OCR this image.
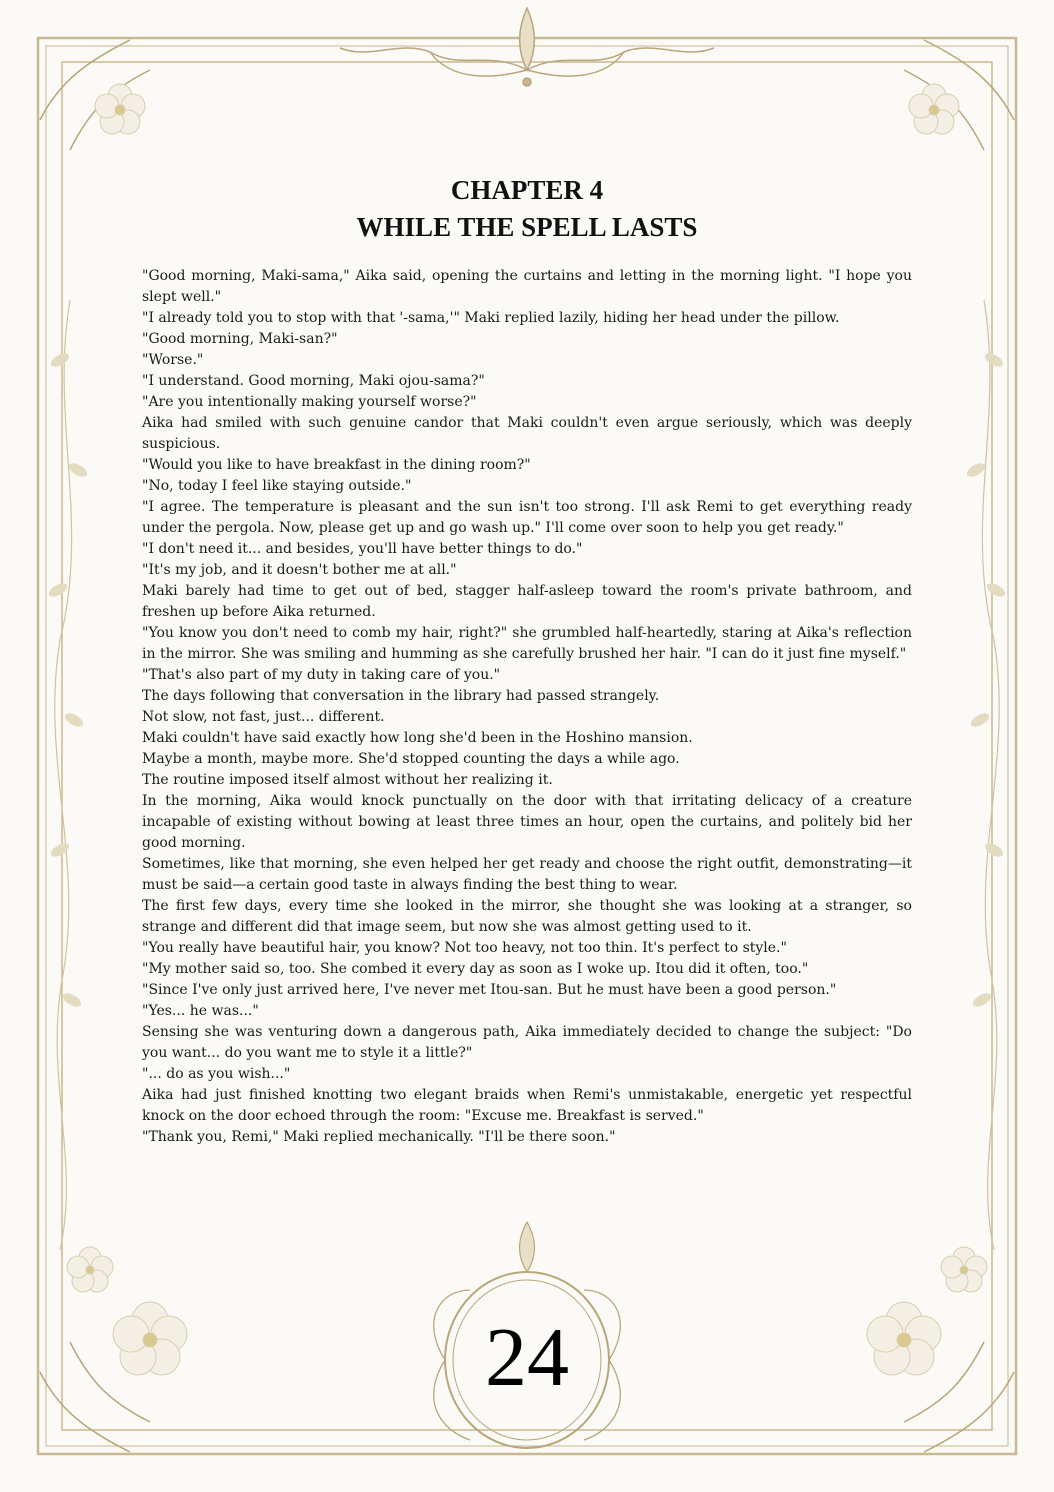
CHAPTER 4
WHILE THE SPELL LASTS

"Good morning, Maki-sama," Aika said, opening the curtains and letting in the morning light. "I hope you slept well."

"I already told you to stop with that '-sama,'" Maki replied lazily, hiding her head under the pillow.

"Good morning, Maki-san?"

"Worse."

"I understand. Good morning, Maki ojou-sama?"

"Are you intentionally making yourself worse?"

Aika had smiled with such genuine candor that Maki couldn't even argue seriously, which was deeply suspicious.

"Would you like to have breakfast in the dining room?"

"No, today I feel like staying outside."

"I agree. The temperature is pleasant and the sun isn't too strong. I'll ask Remi to get everything ready under the pergola. Now, please get up and go wash up." I'll come over soon to help you get ready."

"I don't need it... and besides, you'll have better things to do."

"It's my job, and it doesn't bother me at all."

Maki barely had time to get out of bed, stagger half-asleep toward the room's private bathroom, and freshen up before Aika returned.

"You know you don't need to comb my hair, right?" she grumbled half-heartedly, staring at Aika's reflection in the mirror. She was smiling and humming as she carefully brushed her hair. "I can do it just fine myself."

"That's also part of my duty in taking care of you."

The days following that conversation in the library had passed strangely.

Not slow, not fast, just... different.

Maki couldn't have said exactly how long she'd been in the Hoshino mansion.

Maybe a month, maybe more. She'd stopped counting the days a while ago.

The routine imposed itself almost without her realizing it.

In the morning, Aika would knock punctually on the door with that irritating delicacy of a creature incapable of existing without bowing at least three times an hour, open the curtains, and politely bid her good morning.

Sometimes, like that morning, she even helped her get ready and choose the right outfit, demonstrating—it must be said—a certain good taste in always finding the best thing to wear.

The first few days, every time she looked in the mirror, she thought she was looking at a stranger, so strange and different did that image seem, but now she was almost getting used to it.

"You really have beautiful hair, you know? Not too heavy, not too thin. It's perfect to style."

"My mother said so, too. She combed it every day as soon as I woke up. Itou did it often, too."

"Since I've only just arrived here, I've never met Itou-san. But he must have been a good person."

"Yes... he was..."

Sensing she was venturing down a dangerous path, Aika immediately decided to change the subject: "Do you want... do you want me to style it a little?"

"... do as you wish..."

Aika had just finished knotting two elegant braids when Remi's unmistakable, energetic yet respectful knock on the door echoed through the room: "Excuse me. Breakfast is served."

"Thank you, Remi," Maki replied mechanically. "I'll be there soon."

24
